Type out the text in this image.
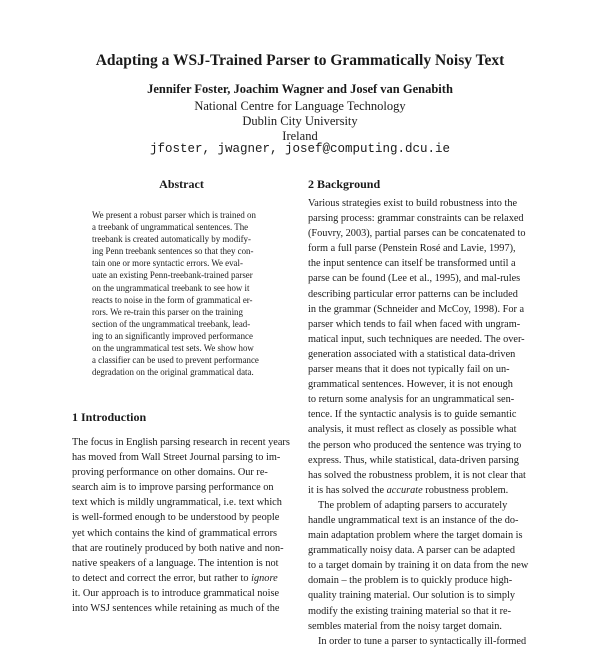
Adapting a WSJ-Trained Parser to Grammatically Noisy Text
Jennifer Foster, Joachim Wagner and Josef van Genabith
National Centre for Language Technology
Dublin City University
Ireland
jfoster, jwagner, josef@computing.dcu.ie
Abstract
We present a robust parser which is trained on
a treebank of ungrammatical sentences. The
treebank is created automatically by modify-
ing Penn treebank sentences so that they con-
tain one or more syntactic errors. We eval-
uate an existing Penn-treebank-trained parser
on the ungrammatical treebank to see how it
reacts to noise in the form of grammatical er-
rors. We re-train this parser on the training
section of the ungrammatical treebank, lead-
ing to an significantly improved performance
on the ungrammatical test sets. We show how
a classifier can be used to prevent performance
degradation on the original grammatical data.
1 Introduction
The focus in English parsing research in recent years
has moved from Wall Street Journal parsing to im-
proving performance on other domains. Our re-
search aim is to improve parsing performance on
text which is mildly ungrammatical, i.e. text which
is well-formed enough to be understood by people
yet which contains the kind of grammatical errors
that are routinely produced by both native and non-
native speakers of a language. The intention is not
to detect and correct the error, but rather to ignore
it. Our approach is to introduce grammatical noise
into WSJ sentences while retaining as much of the
2 Background
Various strategies exist to build robustness into the
parsing process: grammar constraints can be relaxed
(Fouvry, 2003), partial parses can be concatenated to
form a full parse (Penstein Rosé and Lavie, 1997),
the input sentence can itself be transformed until a
parse can be found (Lee et al., 1995), and mal-rules
describing particular error patterns can be included
in the grammar (Schneider and McCoy, 1998). For a
parser which tends to fail when faced with ungram-
matical input, such techniques are needed. The over-
generation associated with a statistical data-driven
parser means that it does not typically fail on un-
grammatical sentences. However, it is not enough
to return some analysis for an ungrammatical sen-
tence. If the syntactic analysis is to guide semantic
analysis, it must reflect as closely as possible what
the person who produced the sentence was trying to
express. Thus, while statistical, data-driven parsing
has solved the robustness problem, it is not clear that
it is has solved the accurate robustness problem.
The problem of adapting parsers to accurately
handle ungrammatical text is an instance of the do-
main adaptation problem where the target domain is
grammatically noisy data. A parser can be adapted
to a target domain by training it on data from the new
domain – the problem is to quickly produce high-
quality training material. Our solution is to simply
modify the existing training material so that it re-
sembles material from the noisy target domain.
In order to tune a parser to syntactically ill-formed
